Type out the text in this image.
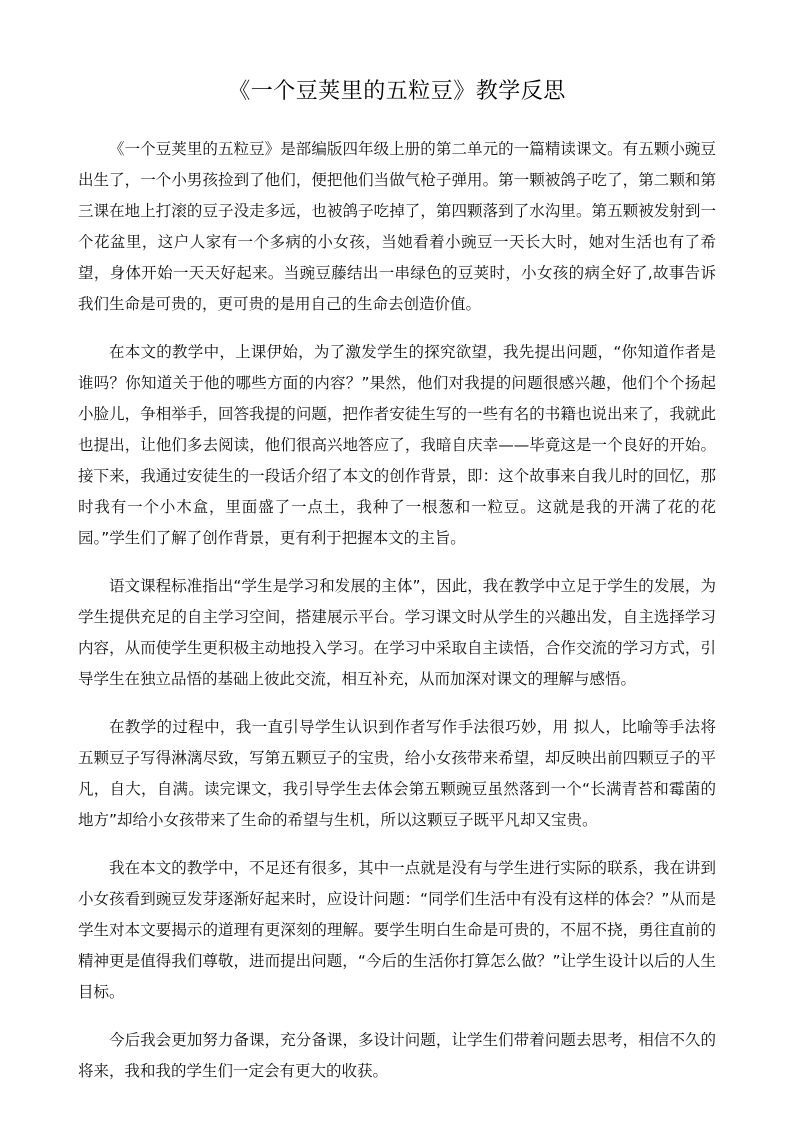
《一个豆荚里的五粒豆》教学反思

《一个豆荚里的五粒豆》是部编版四年级上册的第二单元的一篇精读课文。有五颗小豌豆出生了，一个小男孩捡到了他们，便把他们当做气枪子弹用。第一颗被鸽子吃了，第二颗和第三课在地上打滚的豆子没走多远，也被鸽子吃掉了，第四颗落到了水沟里。第五颗被发射到一个花盆里，这户人家有一个多病的小女孩，当她看着小豌豆一天长大时，她对生活也有了希望，身体开始一天天好起来。当豌豆藤结出一串绿色的豆荚时，小女孩的病全好了,故事告诉我们生命是可贵的，更可贵的是用自己的生命去创造价值。

在本文的教学中，上课伊始，为了激发学生的探究欲望，我先提出问题，“你知道作者是谁吗？你知道关于他的哪些方面的内容？”果然，他们对我提的问题很感兴趣，他们个个扬起小脸儿，争相举手，回答我提的问题，把作者安徒生写的一些有名的书籍也说出来了，我就此也提出，让他们多去阅读，他们很高兴地答应了，我暗自庆幸——毕竟这是一个良好的开始。接下来，我通过安徒生的一段话介绍了本文的创作背景，即：这个故事来自我儿时的回忆，那时我有一个小木盒，里面盛了一点土，我种了一根葱和一粒豆。这就是我的开满了花的花园。”学生们了解了创作背景，更有利于把握本文的主旨。

语文课程标准指出“学生是学习和发展的主体”，因此，我在教学中立足于学生的发展，为学生提供充足的自主学习空间，搭建展示平台。学习课文时从学生的兴趣出发，自主选择学习内容，从而使学生更积极主动地投入学习。在学习中采取自主读悟，合作交流的学习方式，引导学生在独立品悟的基础上彼此交流，相互补充，从而加深对课文的理解与感悟。

在教学的过程中，我一直引导学生认识到作者写作手法很巧妙，用 拟人，比喻等手法将五颗豆子写得淋漓尽致，写第五颗豆子的宝贵，给小女孩带来希望，却反映出前四颗豆子的平凡，自大，自满。读完课文，我引导学生去体会第五颗豌豆虽然落到一个“长满青苔和霉菌的地方”却给小女孩带来了生命的希望与生机，所以这颗豆子既平凡却又宝贵。

我在本文的教学中，不足还有很多，其中一点就是没有与学生进行实际的联系，我在讲到小女孩看到豌豆发芽逐渐好起来时，应设计问题：“同学们生活中有没有这样的体会？”从而是学生对本文要揭示的道理有更深刻的理解。要学生明白生命是可贵的，不屈不挠，勇往直前的精神更是值得我们尊敬，进而提出问题，“今后的生活你打算怎么做？”让学生设计以后的人生目标。

今后我会更加努力备课，充分备课，多设计问题，让学生们带着问题去思考，相信不久的将来，我和我的学生们一定会有更大的收获。
